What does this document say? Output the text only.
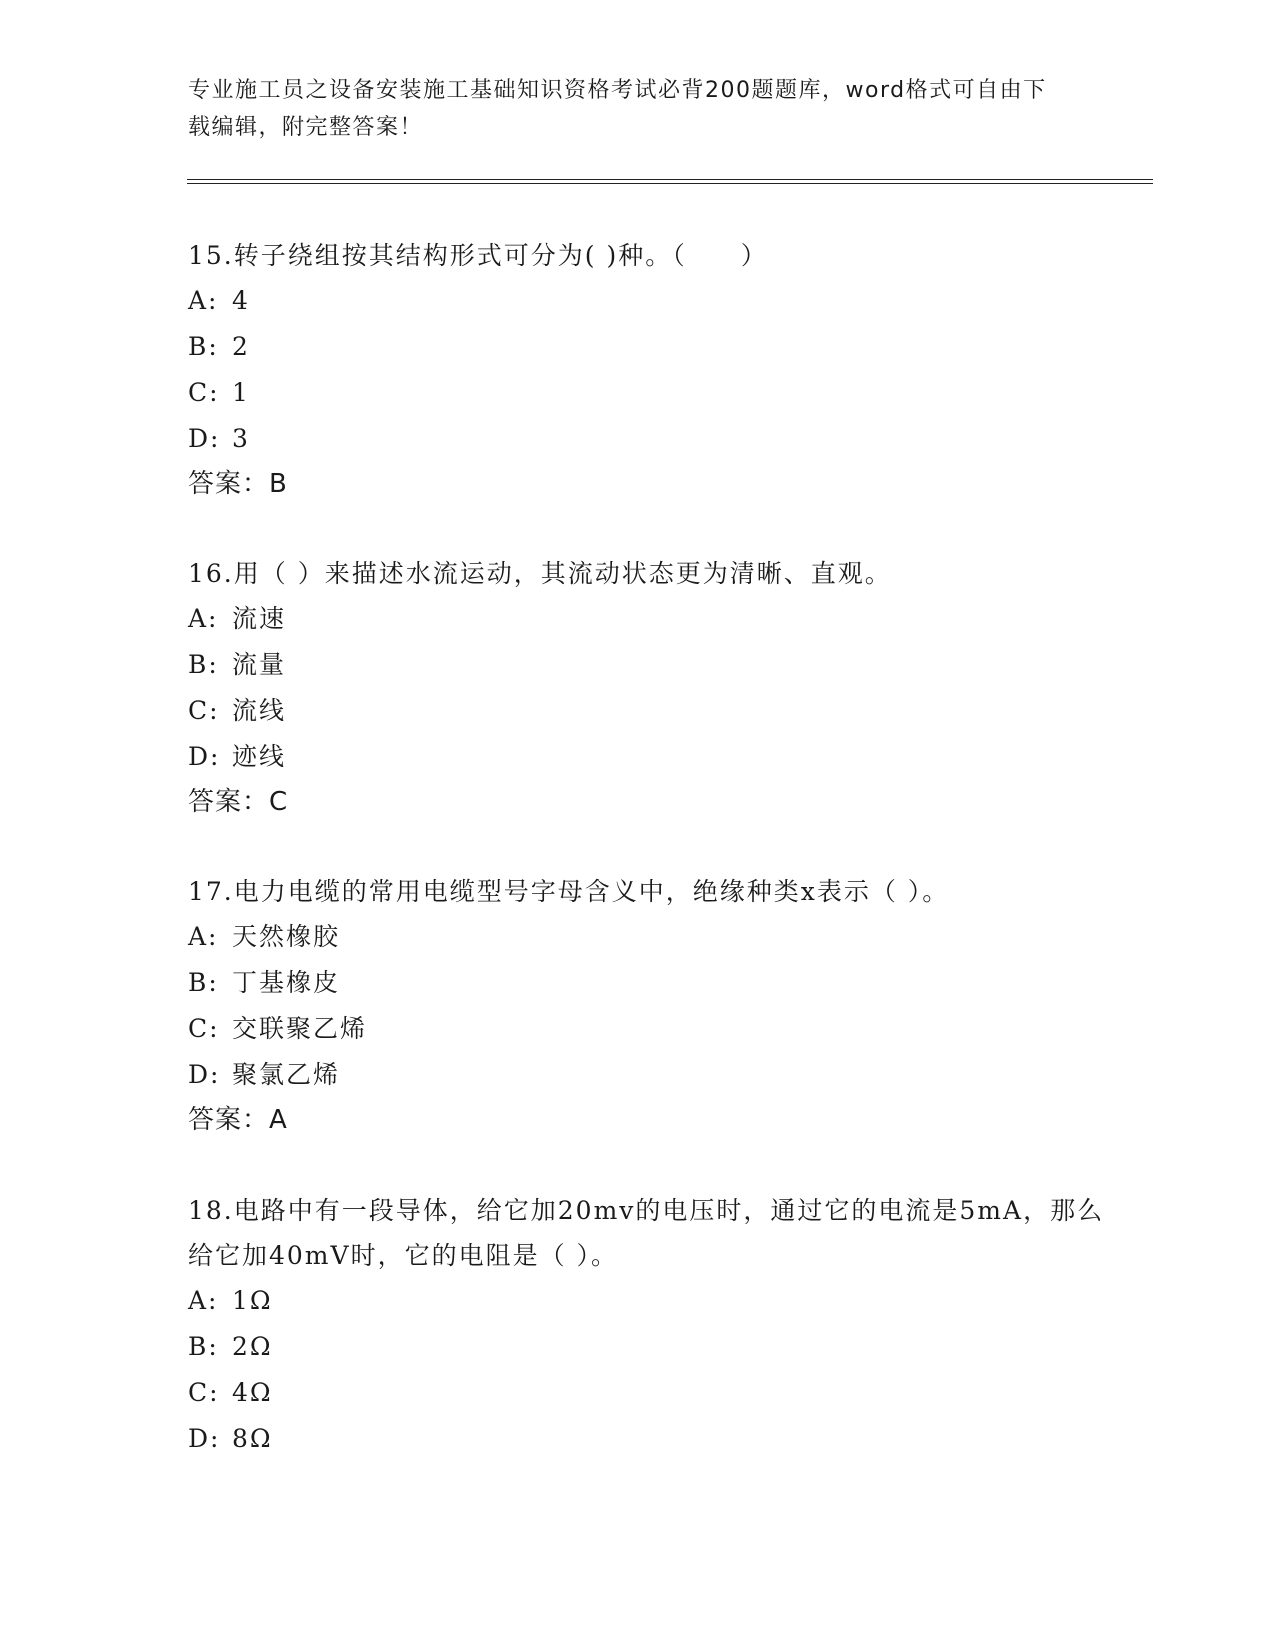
专业施工员之设备安装施工基础知识资格考试必背200题题库，word格式可自由下载编辑，附完整答案！

15.转子绕组按其结构形式可分为( )种。（　　）

A: 4
B: 2
C: 1
D: 3
答案：B

16.用（ ）来描述水流运动，其流动状态更为清晰、直观。

A: 流速
B: 流量
C: 流线
D: 迹线
答案：C

17.电力电缆的常用电缆型号字母含义中，绝缘种类x表示（ ）。

A: 天然橡胶
B: 丁基橡皮
C: 交联聚乙烯
D: 聚氯乙烯
答案：A

18.电路中有一段导体，给它加20mv的电压时，通过它的电流是5mA，那么给它加40mV时，它的电阻是（ ）。

A: 1Ω
B: 2Ω
C: 4Ω
D: 8Ω
